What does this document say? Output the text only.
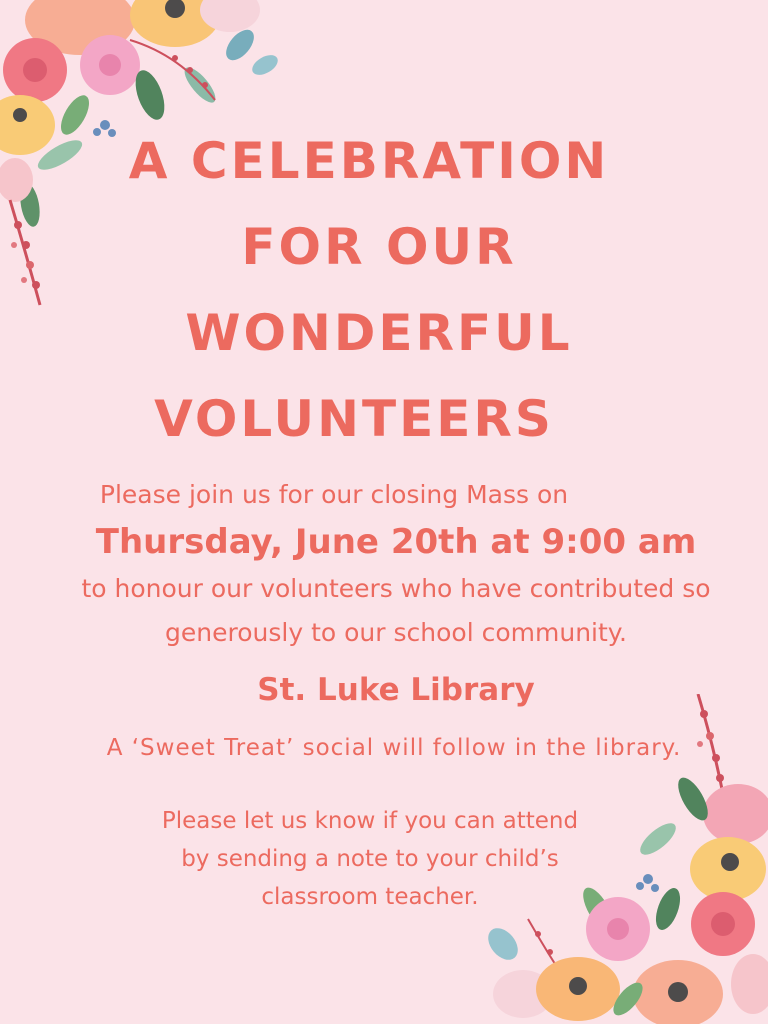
A CELEBRATION
FOR OUR
WONDERFUL
VOLUNTEERS

Please join us for our closing Mass on

Thursday, June 20th at 9:00 am

to honour our volunteers who have contributed so

generously to our school community.

St. Luke Library

A ‘Sweet Treat’ social will follow in the library.

Please let us know if you can attend

by sending a note to your child’s

classroom teacher.
